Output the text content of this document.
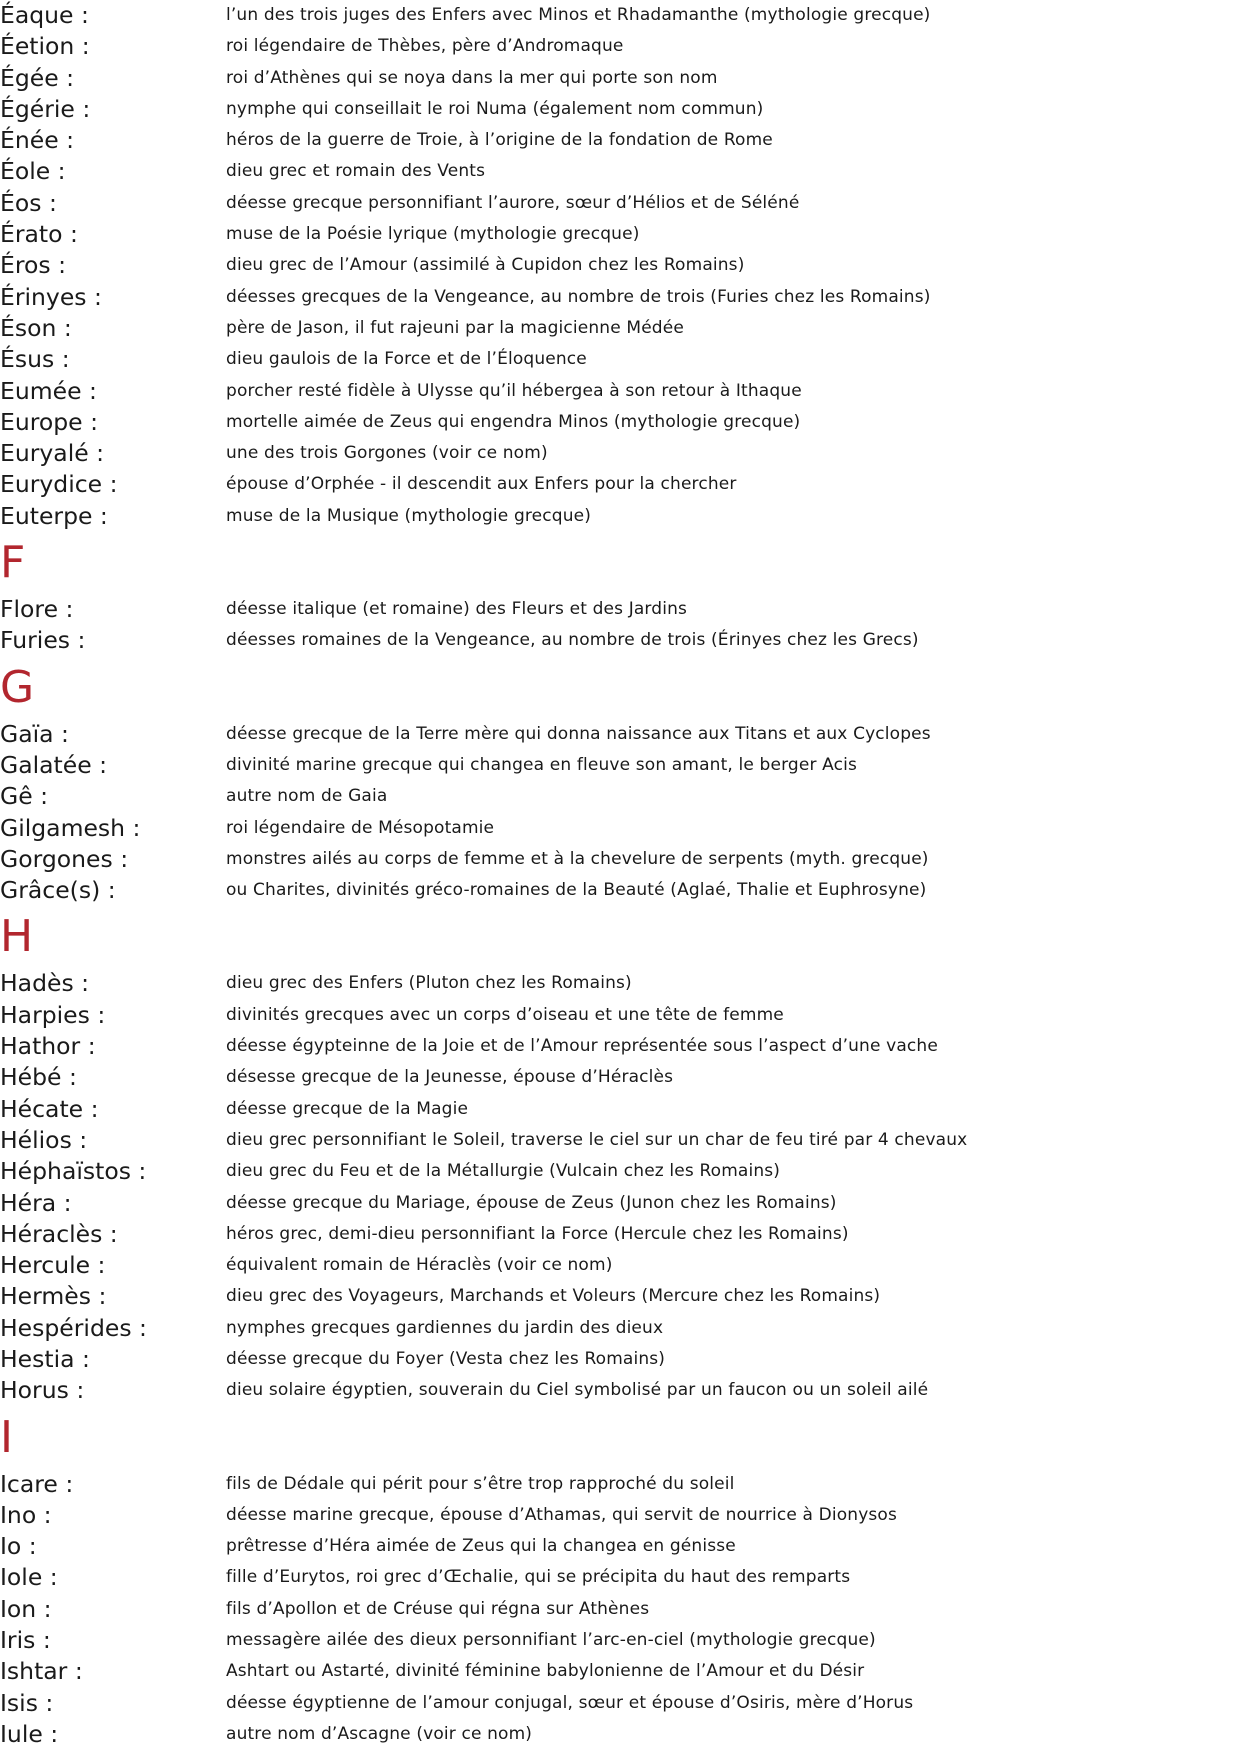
Éaque :	l’un des trois juges des Enfers avec Minos et Rhadamanthe (mythologie grecque)
Éetion :	roi légendaire de Thèbes, père d’Andromaque
Égée :	roi d’Athènes qui se noya dans la mer qui porte son nom
Égérie :	nymphe qui conseillait le roi Numa (également nom commun)
Énée :	héros de la guerre de Troie, à l’origine de la fondation de Rome
Éole :	dieu grec et romain des Vents
Éos :	déesse grecque personnifiant l’aurore, sœur d’Hélios et de Séléné
Érato :	muse de la Poésie lyrique (mythologie grecque)
Éros :	dieu grec de l’Amour (assimilé à Cupidon chez les Romains)
Érinyes :	déesses grecques de la Vengeance, au nombre de trois (Furies chez les Romains)
Éson :	père de Jason, il fut rajeuni par la magicienne Médée
Ésus :	dieu gaulois de la Force et de l’Éloquence
Eumée :	porcher resté fidèle à Ulysse qu’il hébergea à son retour à Ithaque
Europe :	mortelle aimée de Zeus qui engendra Minos (mythologie grecque)
Euryalé :	une des trois Gorgones (voir ce nom)
Eurydice :	épouse d’Orphée - il descendit aux Enfers pour la chercher
Euterpe :	muse de la Musique (mythologie grecque)
F
Flore :	déesse italique (et romaine) des Fleurs et des Jardins
Furies :	déesses romaines de la Vengeance, au nombre de trois (Érinyes chez les Grecs)
G
Gaïa :	déesse grecque de la Terre mère qui donna naissance aux Titans et aux Cyclopes
Galatée :	divinité marine grecque qui changea en fleuve son amant, le berger Acis
Gê :	autre nom de Gaia
Gilgamesh :	roi légendaire de Mésopotamie
Gorgones :	monstres ailés au corps de femme et à la chevelure de serpents (myth. grecque)
Grâce(s) :	ou Charites, divinités gréco-romaines de la Beauté (Aglaé, Thalie et Euphrosyne)
H
Hadès :	dieu grec des Enfers (Pluton chez les Romains)
Harpies :	divinités grecques avec un corps d’oiseau et une tête de femme
Hathor :	déesse égypteinne de la Joie et de l’Amour représentée sous l’aspect d’une vache
Hébé :	désesse grecque de la Jeunesse, épouse d’Héraclès
Hécate :	déesse grecque de la Magie
Hélios :	dieu grec personnifiant le Soleil, traverse le ciel sur un char de feu tiré par 4 chevaux
Héphaïstos :	dieu grec du Feu et de la Métallurgie (Vulcain chez les Romains)
Héra :	déesse grecque du Mariage, épouse de Zeus (Junon chez les Romains)
Héraclès :	héros grec, demi-dieu personnifiant la Force (Hercule chez les Romains)
Hercule :	équivalent romain de Héraclès (voir ce nom)
Hermès :	dieu grec des Voyageurs, Marchands et Voleurs (Mercure chez les Romains)
Hespérides :	nymphes grecques gardiennes du jardin des dieux
Hestia :	déesse grecque du Foyer (Vesta chez les Romains)
Horus :	dieu solaire égyptien, souverain du Ciel symbolisé par un faucon ou un soleil ailé
I
Icare :	fils de Dédale qui périt pour s’être trop rapproché du soleil
Ino :	déesse marine grecque, épouse d’Athamas, qui servit de nourrice à Dionysos
Io :	prêtresse d’Héra aimée de Zeus qui la changea en génisse
Iole :	fille d’Eurytos, roi grec d’Œchalie, qui se précipita du haut des remparts
Ion :	fils d’Apollon et de Créuse qui régna sur Athènes
Iris :	messagère ailée des dieux personnifiant l’arc-en-ciel (mythologie grecque)
Ishtar :	Ashtart ou Astarté, divinité féminine babylonienne de l’Amour et du Désir
Isis :	déesse égyptienne de l’amour conjugal, sœur et épouse d’Osiris, mère d’Horus
Iule :	autre nom d’Ascagne (voir ce nom)
